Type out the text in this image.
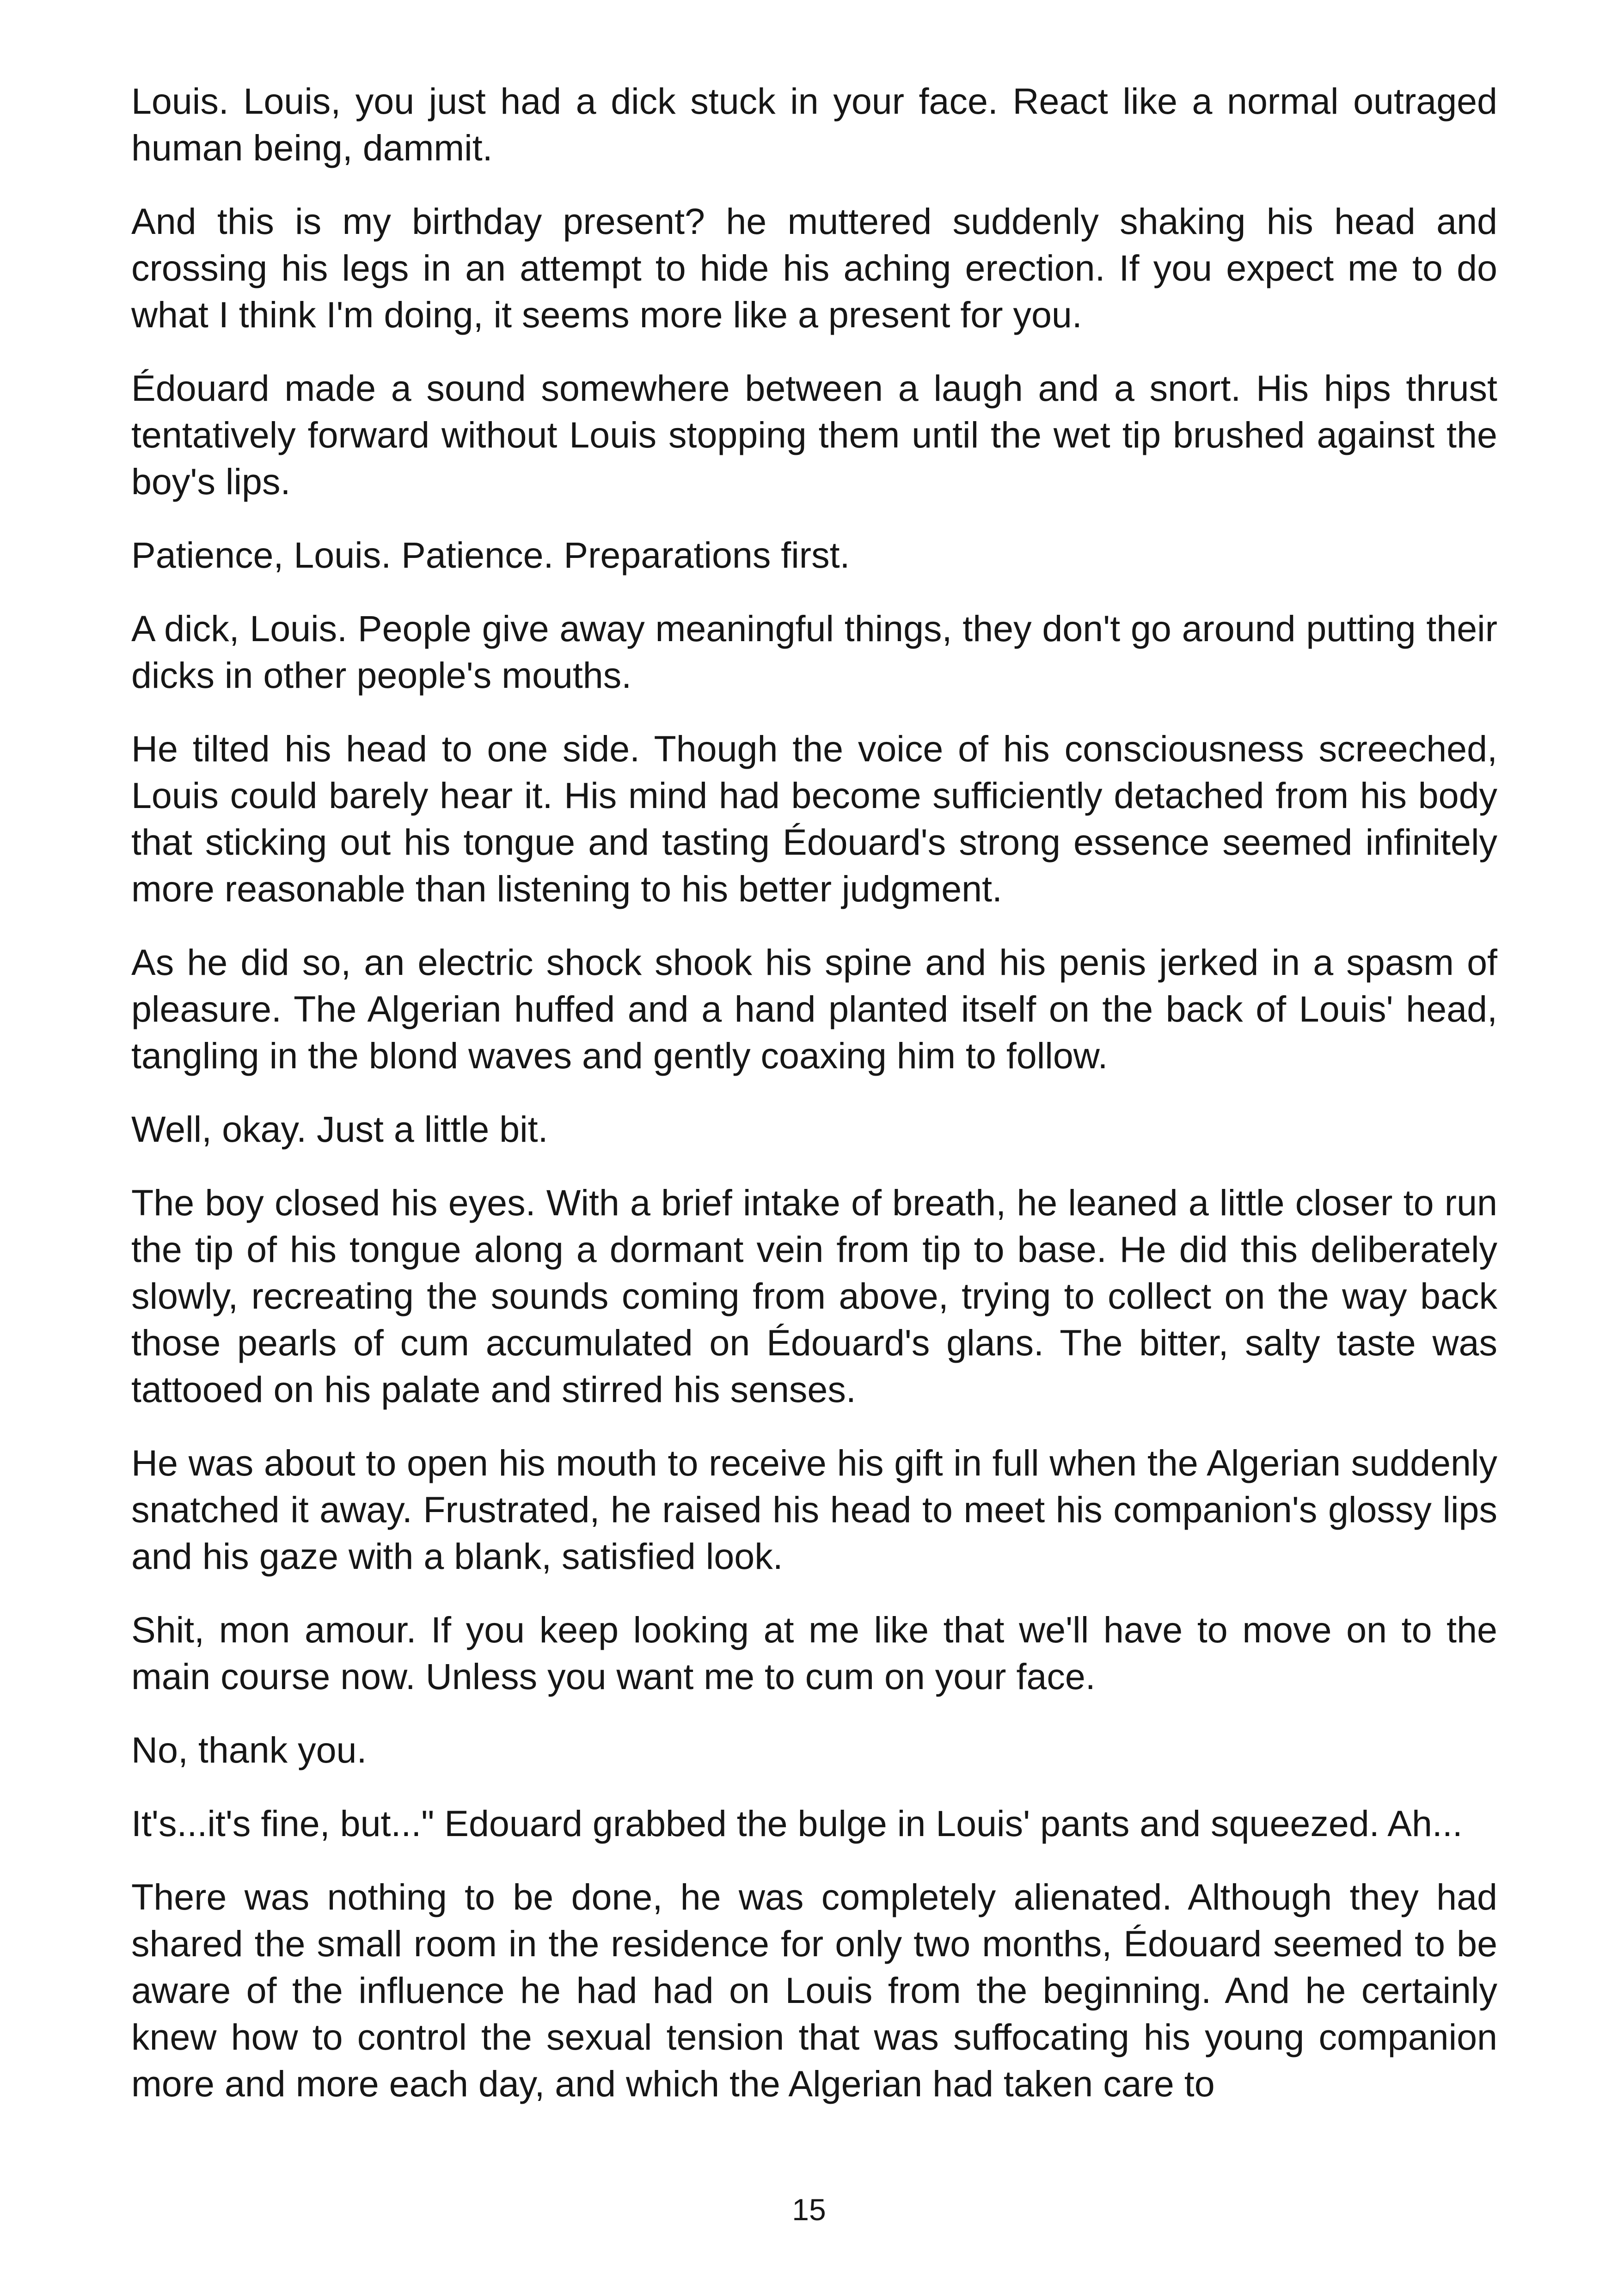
Louis. Louis, you just had a dick stuck in your face. React like a normal outraged human being, dammit.

And this is my birthday present? he muttered suddenly shaking his head and crossing his legs in an attempt to hide his aching erection. If you expect me to do what I think I'm doing, it seems more like a present for you.

Édouard made a sound somewhere between a laugh and a snort. His hips thrust tentatively forward without Louis stopping them until the wet tip brushed against the boy's lips.

Patience, Louis. Patience. Preparations first.

A dick, Louis. People give away meaningful things, they don't go around putting their dicks in other people's mouths.

He tilted his head to one side. Though the voice of his consciousness screeched, Louis could barely hear it. His mind had become sufficiently detached from his body that sticking out his tongue and tasting Édouard's strong essence seemed infinitely more reasonable than listening to his better judgment.

As he did so, an electric shock shook his spine and his penis jerked in a spasm of pleasure. The Algerian huffed and a hand planted itself on the back of Louis' head, tangling in the blond waves and gently coaxing him to follow.

Well, okay. Just a little bit.

The boy closed his eyes. With a brief intake of breath, he leaned a little closer to run the tip of his tongue along a dormant vein from tip to base. He did this deliberately slowly, recreating the sounds coming from above, trying to collect on the way back those pearls of cum accumulated on Édouard's glans. The bitter, salty taste was tattooed on his palate and stirred his senses.

He was about to open his mouth to receive his gift in full when the Algerian suddenly snatched it away. Frustrated, he raised his head to meet his companion's glossy lips and his gaze with a blank, satisfied look.

Shit, mon amour. If you keep looking at me like that we'll have to move on to the main course now. Unless you want me to cum on your face.

No, thank you.

It's...it's fine, but..." Edouard grabbed the bulge in Louis' pants and squeezed. Ah...

There was nothing to be done, he was completely alienated. Although they had shared the small room in the residence for only two months, Édouard seemed to be aware of the influence he had had on Louis from the beginning. And he certainly knew how to control the sexual tension that was suffocating his young companion more and more each day, and which the Algerian had taken care to

15
